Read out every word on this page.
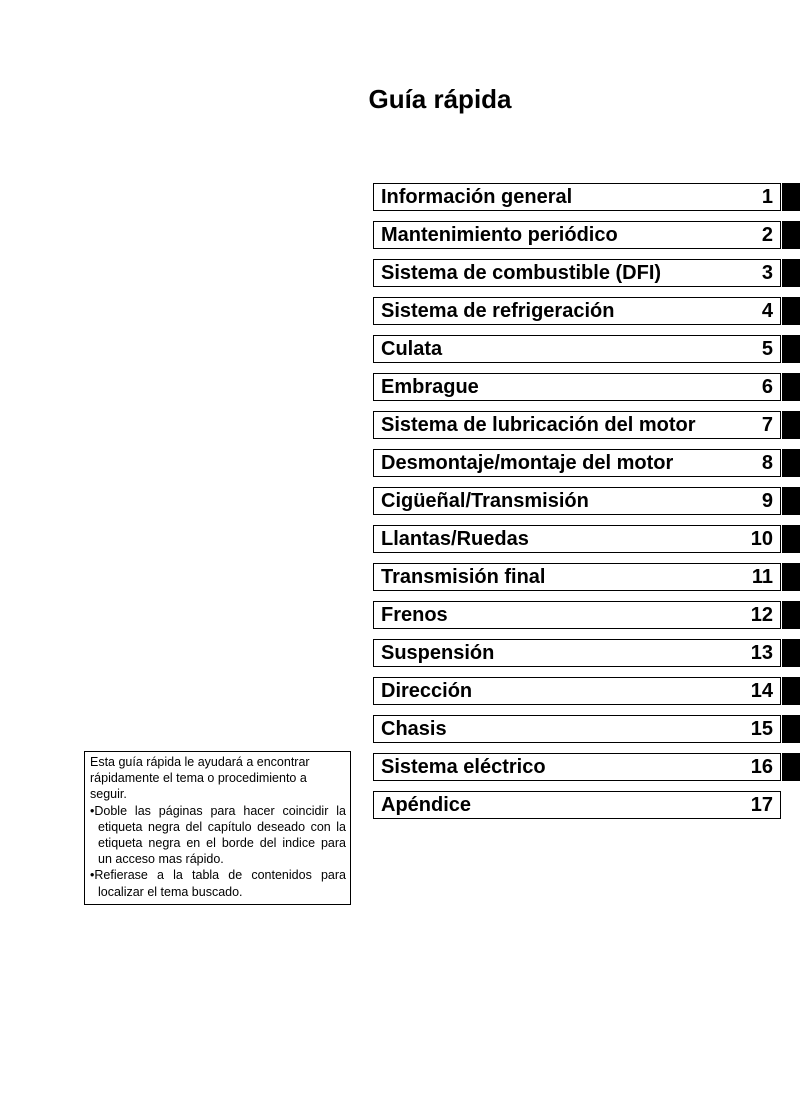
Guía rápida
Información general	1
Mantenimiento periódico	2
Sistema de combustible (DFI)	3
Sistema de refrigeración	4
Culata	5
Embrague	6
Sistema de lubricación del motor	7
Desmontaje/montaje del motor	8
Cigüeñal/Transmisión	9
Llantas/Ruedas	10
Transmisión final	11
Frenos	12
Suspensión	13
Dirección	14
Chasis	15
Sistema eléctrico	16
Apéndice	17

Esta guía rápida le ayudará a encontrar rápidamente el tema o procedimiento a seguir.

•Doble las páginas para hacer coincidir la etiqueta negra del capítulo deseado con la etiqueta negra en el borde del indice para un acceso mas rápido.

•Refierase a la tabla de contenidos para localizar el tema buscado.
